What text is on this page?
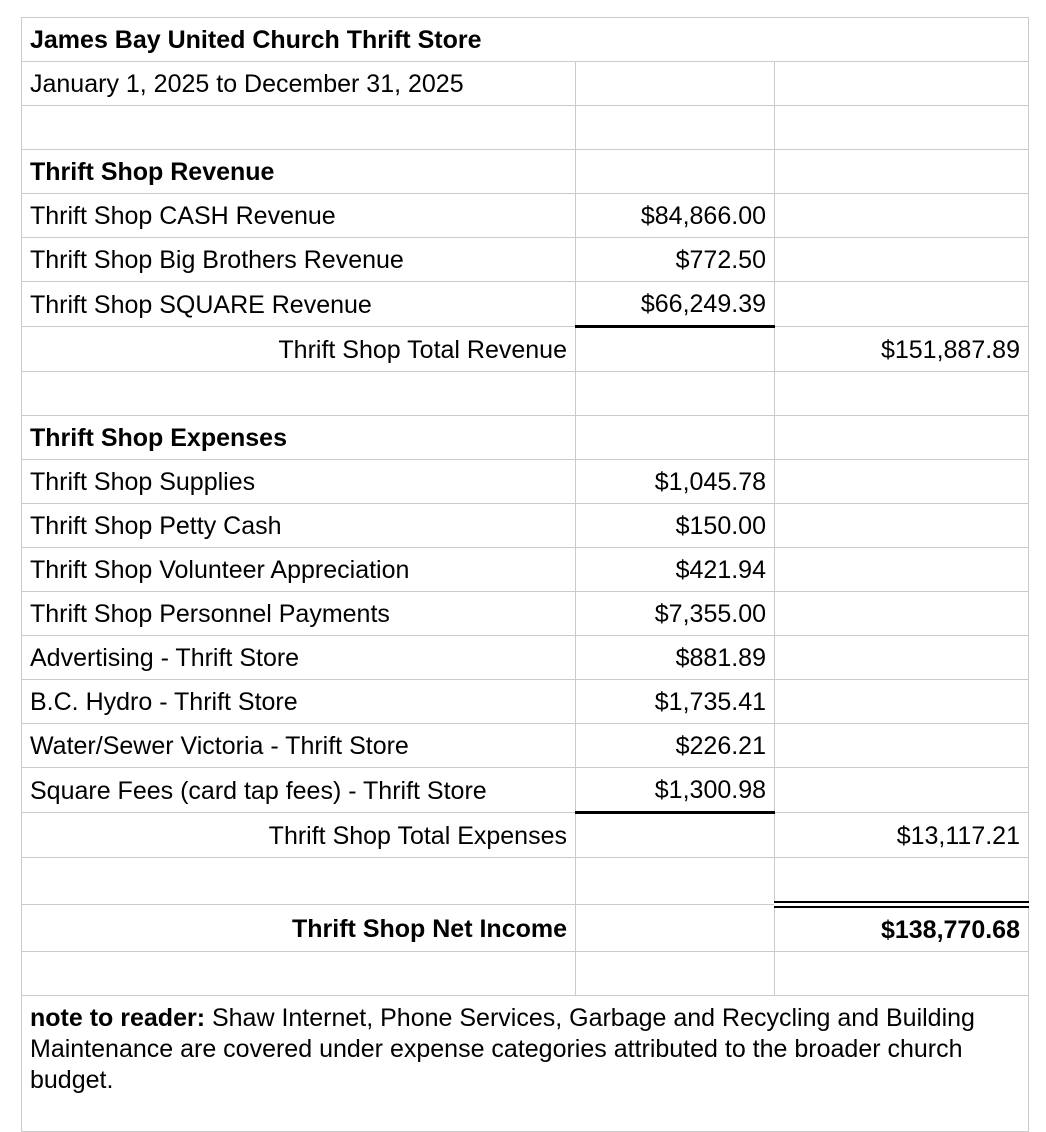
James Bay United Church Thrift Store		
January 1, 2025 to December 31, 2025		

Thrift Shop Revenue		
Thrift Shop CASH Revenue	$84,866.00	
Thrift Shop Big Brothers Revenue	$772.50	
Thrift Shop SQUARE Revenue	$66,249.39	
Thrift Shop Total Revenue		$151,887.89

Thrift Shop Expenses		
Thrift Shop Supplies	$1,045.78	
Thrift Shop Petty Cash	$150.00	
Thrift Shop Volunteer Appreciation	$421.94	
Thrift Shop Personnel Payments	$7,355.00	
Advertising - Thrift Store	$881.89	
B.C. Hydro - Thrift Store	$1,735.41	
Water/Sewer Victoria - Thrift Store	$226.21	
Square Fees (card tap fees) - Thrift Store	$1,300.98	
Thrift Shop Total Expenses		$13,117.21

Thrift Shop Net Income		$138,770.68

note to reader: Shaw Internet, Phone Services, Garbage and Recycling and Building Maintenance are covered under expense categories attributed to the broader church budget.		
